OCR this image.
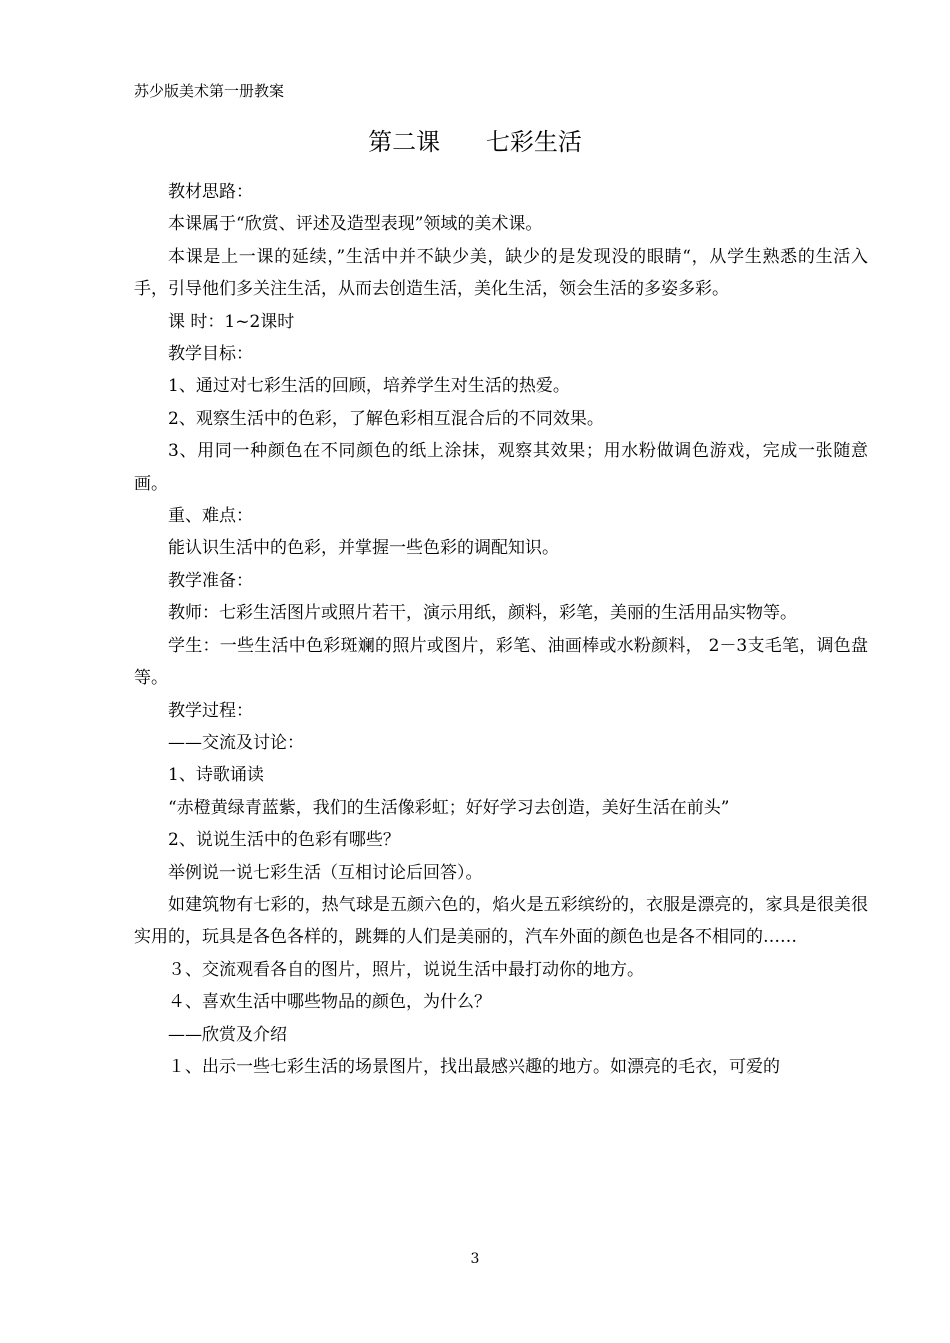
苏少版美术第一册教案
第二课 七彩生活

教材思路：

本课属于“欣赏、评述及造型表现”领域的美术课。

本课是上一课的延续，”生活中并不缺少美，缺少的是发现没的眼睛“，从学生熟悉的生活入手，引导他们多关注生活，从而去创造生活，美化生活，领会生活的多姿多彩。

课 时：1~2课时

教学目标：

1、通过对七彩生活的回顾，培养学生对生活的热爱。

2、观察生活中的色彩，了解色彩相互混合后的不同效果。

3、用同一种颜色在不同颜色的纸上涂抹，观察其效果；用水粉做调色游戏，完成一张随意画。

重、难点：

能认识生活中的色彩，并掌握一些色彩的调配知识。

教学准备：

教师：七彩生活图片或照片若干，演示用纸，颜料，彩笔，美丽的生活用品实物等。

学生：一些生活中色彩斑斓的照片或图片，彩笔、油画棒或水粉颜料， 2－3支毛笔，调色盘等。

教学过程：

——交流及讨论：

1、诗歌诵读

“赤橙黄绿青蓝紫，我们的生活像彩虹；好好学习去创造，美好生活在前头”

2、说说生活中的色彩有哪些？

举例说一说七彩生活（互相讨论后回答）。

如建筑物有七彩的，热气球是五颜六色的，焰火是五彩缤纷的，衣服是漂亮的，家具是很美很实用的，玩具是各色各样的，跳舞的人们是美丽的，汽车外面的颜色也是各不相同的……

３、交流观看各自的图片，照片，说说生活中最打动你的地方。

４、喜欢生活中哪些物品的颜色，为什么？

——欣赏及介绍

１、出示一些七彩生活的场景图片，找出最感兴趣的地方。如漂亮的毛衣，可爱的

3
